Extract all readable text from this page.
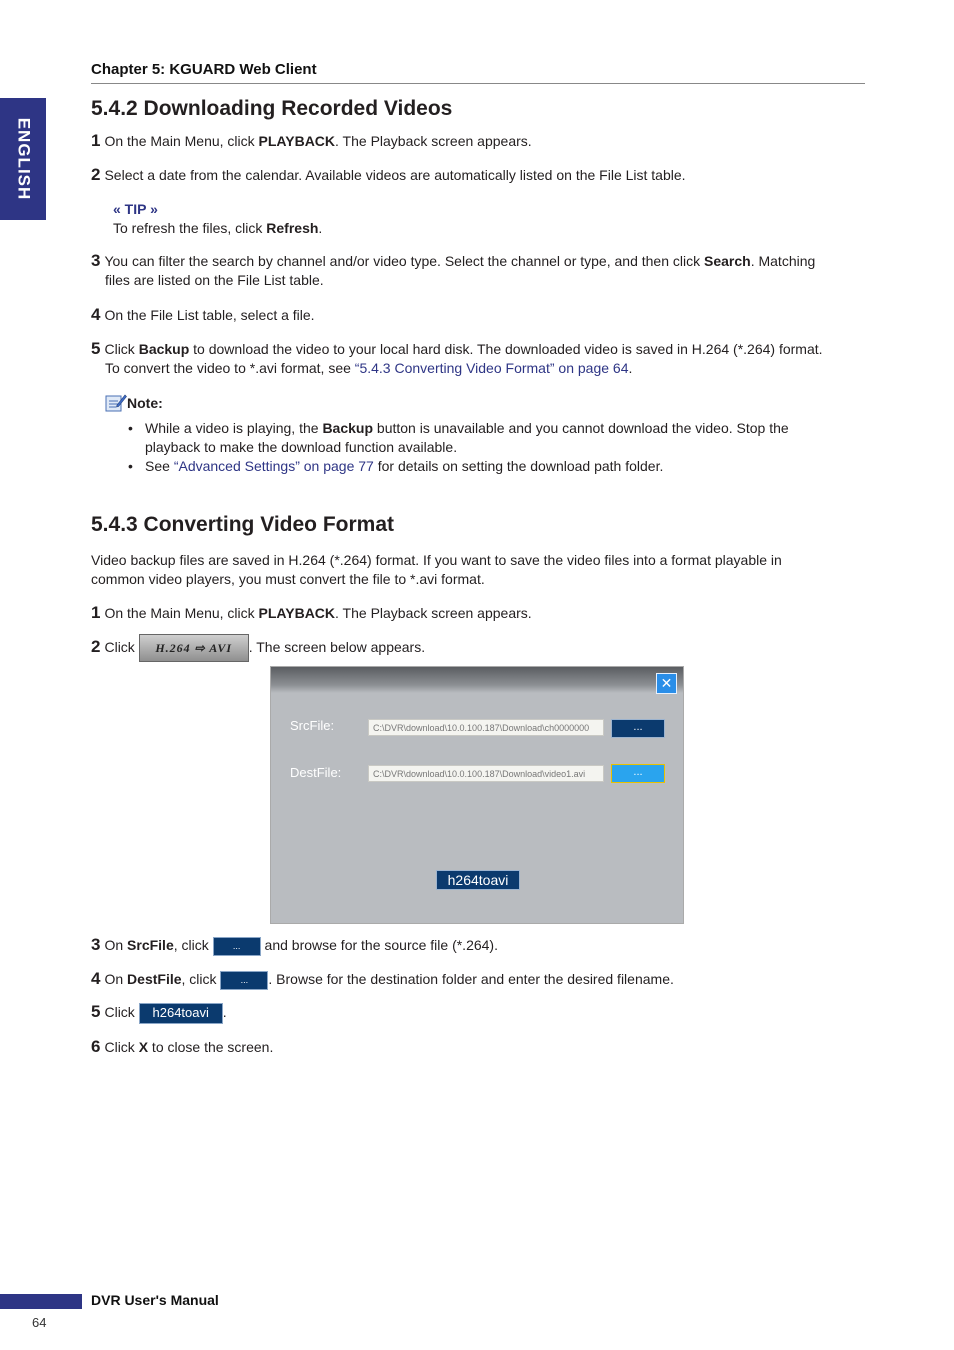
ENGLISH
Chapter 5: KGUARD Web Client
5.4.2 Downloading Recorded Videos
1 On the Main Menu, click PLAYBACK. The Playback screen appears.
2 Select a date from the calendar. Available videos are automatically listed on the File List table.
« TIP »
To refresh the files, click Refresh.
3 You can filter the search by channel and/or video type. Select the channel or type, and then click Search. Matching
files are listed on the File List table.
4 On the File List table, select a file.
5 Click Backup to download the video to your local hard disk. The downloaded video is saved in H.264 (*.264) format.
To convert the video to *.avi format, see “5.4.3 Converting Video Format” on page 64.
Note:
• While a video is playing, the Backup button is unavailable and you cannot download the video. Stop the
playback to make the download function available.
• See “Advanced Settings” on page 77 for details on setting the download path folder.
5.4.3 Converting Video Format
Video backup files are saved in H.264 (*.264) format. If you want to save the video files into a format playable in
common video players, you must convert the file to *.avi format.
1 On the Main Menu, click PLAYBACK. The Playback screen appears.
2 Click H.264 ⇨ AVI . The screen below appears.
✕
SrcFile:	C:\DVR\download\10.0.100.187\Download\ch0000000	...
DestFile:	C:\DVR\download\10.0.100.187\Download\video1.avi	...
h264toavi
3 On SrcFile, click ... and browse for the source file (*.264).
4 On DestFile, click ... . Browse for the destination folder and enter the desired filename.
5 Click h264toavi .
6 Click X to close the screen.
DVR User's Manual
64
